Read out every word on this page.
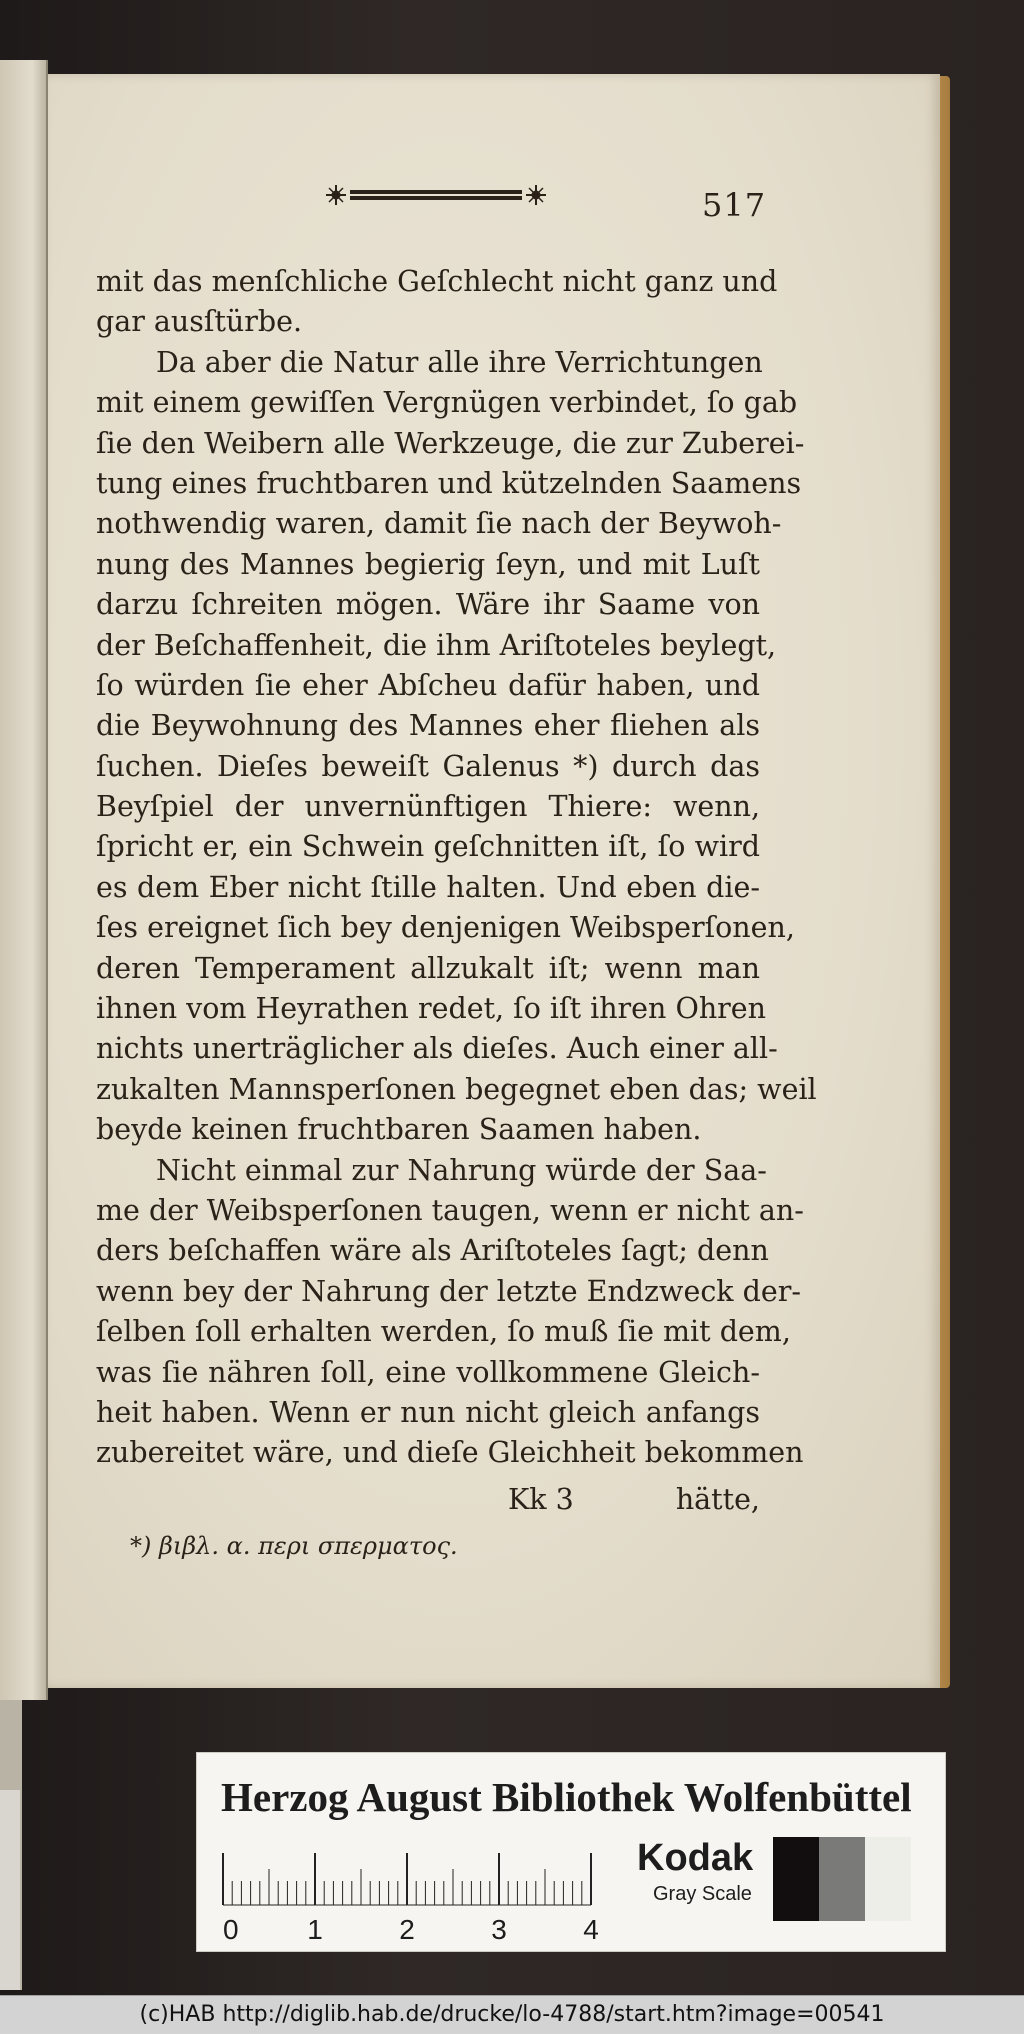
517
mit das menſchliche Geſchlecht nicht ganz und
gar ausſtürbe.
Da aber die Natur alle ihre Verrichtungen
mit einem gewiſſen Vergnügen verbindet, ſo gab
ſie den Weibern alle Werkzeuge, die zur Zuberei-
tung eines fruchtbaren und kützelnden Saamens
nothwendig waren, damit ſie nach der Beywoh-
nung des Mannes begierig ſeyn, und mit Luſt
darzu ſchreiten mögen. Wäre ihr Saame von
der Beſchaffenheit, die ihm Ariſtoteles beylegt,
ſo würden ſie eher Abſcheu dafür haben, und
die Beywohnung des Mannes eher fliehen als
ſuchen. Dieſes beweiſt Galenus *) durch das
Beyſpiel der unvernünftigen Thiere: wenn,
ſpricht er, ein Schwein geſchnitten iſt, ſo wird
es dem Eber nicht ſtille halten. Und eben die-
ſes ereignet ſich bey denjenigen Weibsperſonen,
deren Temperament allzukalt iſt; wenn man
ihnen vom Heyrathen redet, ſo iſt ihren Ohren
nichts unerträglicher als dieſes. Auch einer all-
zukalten Mannsperſonen begegnet eben das; weil
beyde keinen fruchtbaren Saamen haben.
Nicht einmal zur Nahrung würde der Saa-
me der Weibsperſonen taugen, wenn er nicht an-
ders beſchaffen wäre als Ariſtoteles ſagt; denn
wenn bey der Nahrung der letzte Endzweck der-
ſelben ſoll erhalten werden, ſo muß ſie mit dem,
was ſie nähren ſoll, eine vollkommene Gleich-
heit haben. Wenn er nun nicht gleich anfangs
zubereitet wäre, und dieſe Gleichheit bekommen
Kk 3	hätte,
*) βιβλ. α. περι σπερματος.
Herzog August Bibliothek Wolfenbüttel
0 1	2	3	4
Kodak
Gray Scale
(c)HAB http://diglib.hab.de/drucke/lo-4788/start.htm?image=00541
